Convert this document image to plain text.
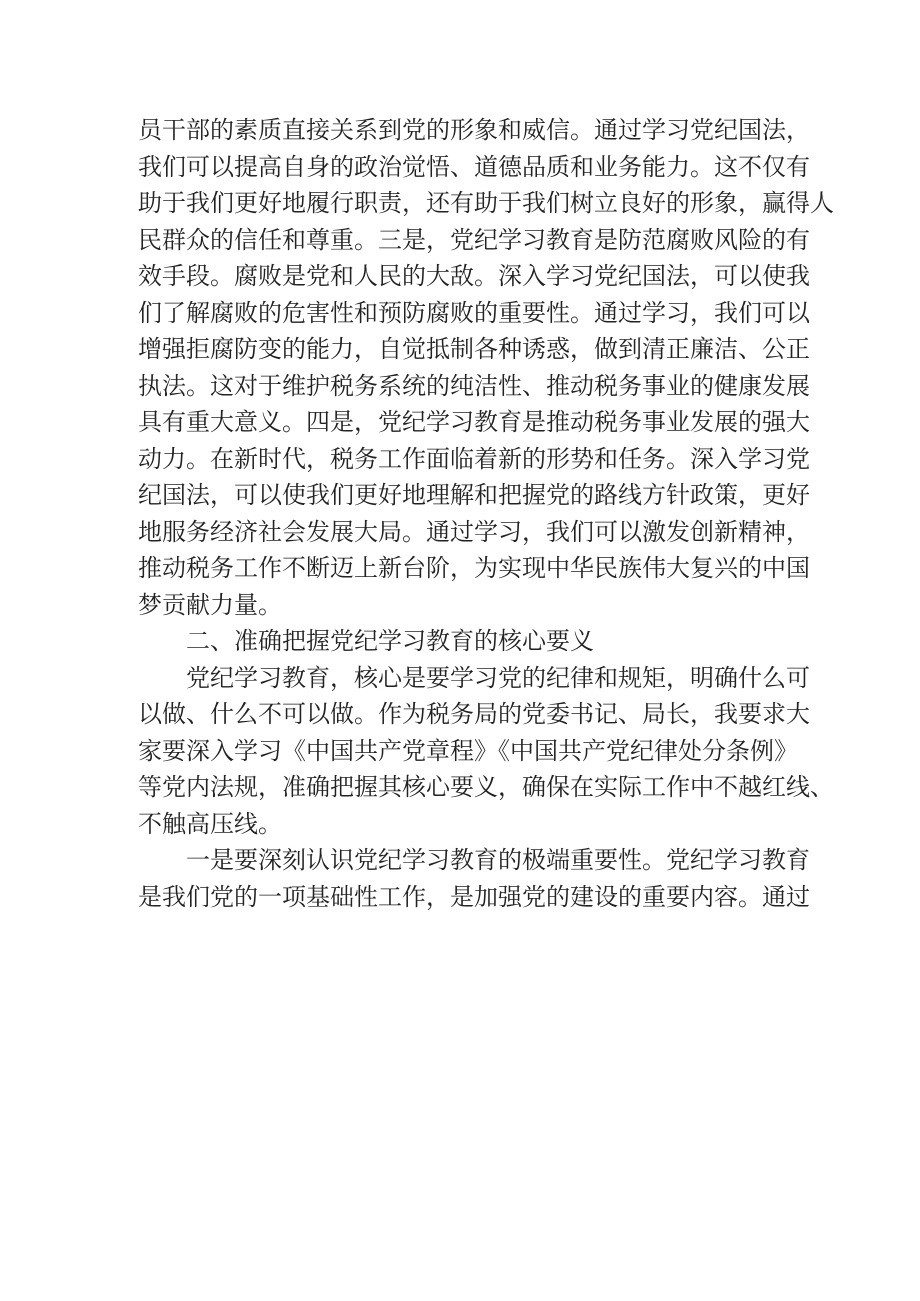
员干部的素质直接关系到党的形象和威信。通过学习党纪国法，
我们可以提高自身的政治觉悟、道德品质和业务能力。这不仅有
助于我们更好地履行职责，还有助于我们树立良好的形象，赢得人
民群众的信任和尊重。三是，党纪学习教育是防范腐败风险的有
效手段。腐败是党和人民的大敌。深入学习党纪国法，可以使我
们了解腐败的危害性和预防腐败的重要性。通过学习，我们可以
增强拒腐防变的能力，自觉抵制各种诱惑，做到清正廉洁、公正
执法。这对于维护税务系统的纯洁性、推动税务事业的健康发展
具有重大意义。四是，党纪学习教育是推动税务事业发展的强大
动力。在新时代，税务工作面临着新的形势和任务。深入学习党
纪国法，可以使我们更好地理解和把握党的路线方针政策，更好
地服务经济社会发展大局。通过学习，我们可以激发创新精神，
推动税务工作不断迈上新台阶，为实现中华民族伟大复兴的中国
梦贡献力量。
二、准确把握党纪学习教育的核心要义
党纪学习教育，核心是要学习党的纪律和规矩，明确什么可
以做、什么不可以做。作为税务局的党委书记、局长，我要求大
家要深入学习《中国共产党章程》《中国共产党纪律处分条例》
等党内法规，准确把握其核心要义，确保在实际工作中不越红线、
不触高压线。
一是要深刻认识党纪学习教育的极端重要性。党纪学习教育
是我们党的一项基础性工作，是加强党的建设的重要内容。通过
